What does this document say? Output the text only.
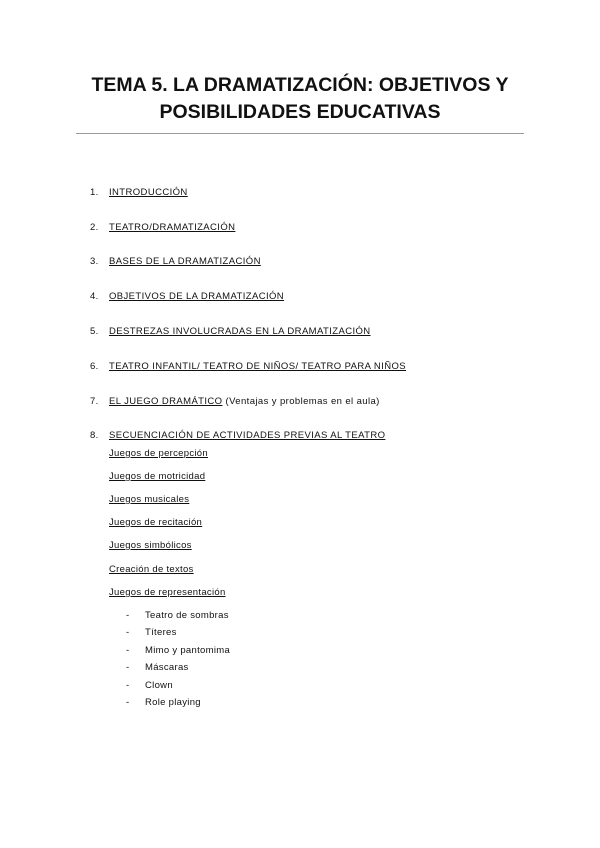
TEMA 5. LA DRAMATIZACIÓN: OBJETIVOS Y
POSIBILIDADES EDUCATIVAS
1. INTRODUCCIÓN
2. TEATRO/DRAMATIZACIÓN
3. BASES DE LA DRAMATIZACIÓN
4. OBJETIVOS DE LA DRAMATIZACIÓN
5. DESTREZAS INVOLUCRADAS EN LA DRAMATIZACIÓN
6. TEATRO INFANTIL/ TEATRO DE NIÑOS/ TEATRO PARA NIÑOS
7. EL JUEGO DRAMÁTICO (Ventajas y problemas en el aula)
8. SECUENCIACIÓN DE ACTIVIDADES PREVIAS AL TEATRO
Juegos de percepción
Juegos de motricidad
Juegos musicales
Juegos de recitación
Juegos simbólicos
Creación de textos
Juegos de representación
- Teatro de sombras
- Títeres
- Mimo y pantomima
- Máscaras
- Clown
- Role playing
